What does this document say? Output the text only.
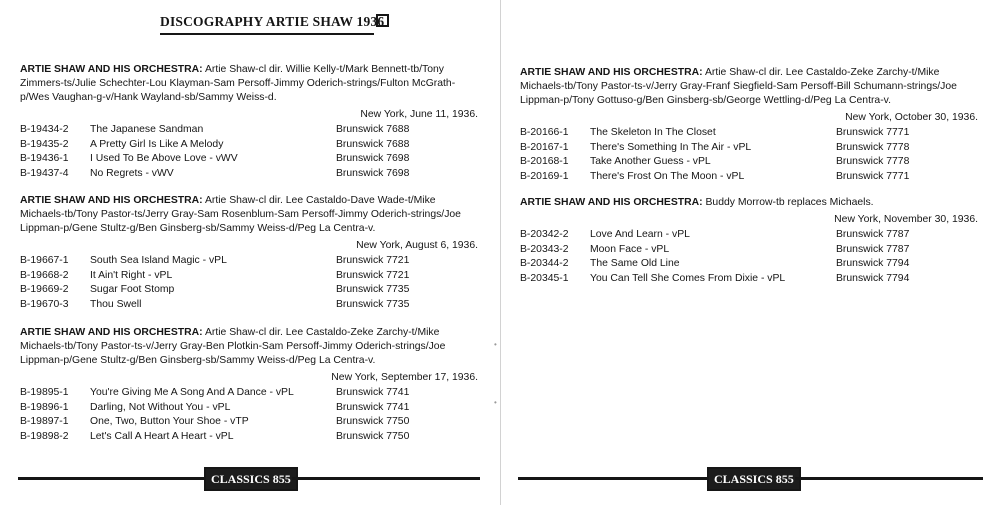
DISCOGRAPHY ARTIE SHAW 1936

ARTIE SHAW AND HIS ORCHESTRA: Artie Shaw-cl dir. Willie Kelly-t/Mark Bennett-tb/Tony Zimmers-ts/Julie Schechter-Lou Klayman-Sam Persoff-Jimmy Oderich-strings/Fulton McGrath-p/Wes Vaughan-g-v/Hank Wayland-sb/Sammy Weiss-d.

New York, June 11, 1936.
B-19434-2	The Japanese Sandman	Brunswick 7688
B-19435-2	A Pretty Girl Is Like A Melody	Brunswick 7688
B-19436-1	I Used To Be Above Love - vWV	Brunswick 7698
B-19437-4	No Regrets - vWV	Brunswick 7698

ARTIE SHAW AND HIS ORCHESTRA: Artie Shaw-cl dir. Lee Castaldo-Dave Wade-t/Mike Michaels-tb/Tony Pastor-ts/Jerry Gray-Sam Rosenblum-Sam Persoff-Jimmy Oderich-strings/Joe Lippman-p/Gene Stultz-g/Ben Ginsberg-sb/Sammy Weiss-d/Peg La Centra-v.

New York, August 6, 1936.
B-19667-1	South Sea Island Magic - vPL	Brunswick 7721
B-19668-2	It Ain't Right - vPL	Brunswick 7721
B-19669-2	Sugar Foot Stomp	Brunswick 7735
B-19670-3	Thou Swell	Brunswick 7735

ARTIE SHAW AND HIS ORCHESTRA: Artie Shaw-cl dir. Lee Castaldo-Zeke Zarchy-t/Mike Michaels-tb/Tony Pastor-ts-v/Jerry Gray-Ben Plotkin-Sam Persoff-Jimmy Oderich-strings/Joe Lippman-p/Gene Stultz-g/Ben Ginsberg-sb/Sammy Weiss-d/Peg La Centra-v.

New York, September 17, 1936.
B-19895-1	You're Giving Me A Song And A Dance - vPL	Brunswick 7741
B-19896-1	Darling, Not Without You - vPL	Brunswick 7741
B-19897-1	One, Two, Button Your Shoe - vTP	Brunswick 7750
B-19898-2	Let's Call A Heart A Heart - vPL	Brunswick 7750
CLASSICS 855

ARTIE SHAW AND HIS ORCHESTRA: Artie Shaw-cl dir. Lee Castaldo-Zeke Zarchy-t/Mike Michaels-tb/Tony Pastor-ts-v/Jerry Gray-Franf Siegfield-Sam Persoff-Bill Schumann-strings/Joe Lippman-p/Tony Gottuso-g/Ben Ginsberg-sb/George Wettling-d/Peg La Centra-v.

New York, October 30, 1936.
B-20166-1	The Skeleton In The Closet	Brunswick 7771
B-20167-1	There's Something In The Air - vPL	Brunswick 7778
B-20168-1	Take Another Guess - vPL	Brunswick 7778
B-20169-1	There's Frost On The Moon - vPL	Brunswick 7771

ARTIE SHAW AND HIS ORCHESTRA: Buddy Morrow-tb replaces Michaels.

New York, November 30, 1936.
B-20342-2	Love And Learn - vPL	Brunswick 7787
B-20343-2	Moon Face - vPL	Brunswick 7787
B-20344-2	The Same Old Line	Brunswick 7794
B-20345-1	You Can Tell She Comes From Dixie - vPL	Brunswick 7794
•
•
CLASSICS 855
